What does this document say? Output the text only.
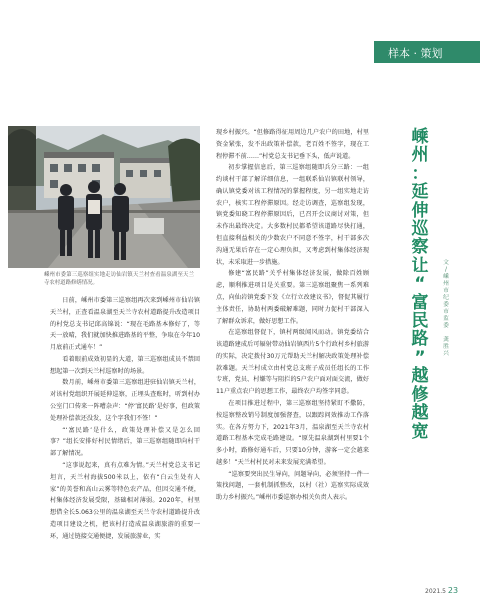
样本 · 策划
嵊州市委第三巡察组实地走访仙岩镇天兰村查看温泉湖至天兰寺农村道路修缮情况。

日前，嵊州市委第三巡察组再次来到嵊州市仙岩镇天兰村，正查看温泉湖至天兰寺农村道路提升改造项目的村党总支书记邱高锦说：“现在毛路基本修好了，等天一放晴，我们就加快推进路基的平整，争取在今年10月底前正式通车！”

看着眼前成效初显的大道，第三巡察组成员不禁回想起第一次到天兰村巡察时的场景。

数月前，嵊州市委第三巡察组进驻仙岩镇天兰村，对该村党组织开展延伸巡察，正埋头查账时，听到村办公室门口传来一阵嘈杂声：“停‘富民路’是好事，但政策处理补偿款还没发，这个字我们不签！”

“‘富民路’是什么，政策处理补偿又是怎么回事？”组长安排好村民情绪后，第三巡察组随即向村干部了解情况。

“这事说起来，真有点难为情。”天兰村党总支书记坦言，天兰村海拔500米以上，依有“白云生处有人家”的美誉和高山云雾等特色农产品，但因交通不便，村集体经济发展受限，基础相对薄弱。2020年，村里想借全长5.063公里的温泉湖至天兰寺农村道路提升改造项目建设之机，把该村打造成温泉湖旅游的重要一环，通过链接交通便捷，发展旅游业，实

现乡村振兴。“但修路得征用周边几户农户的田地，村里资金紧张，发不出政策补偿款，老百姓不签字，现在工程停滞不前……”村党总支书记垂下头，低声说道。

初步掌握信息后，第三巡察组随即兵分三路：一组约谈村干部了解详细信息，一组联系仙岩镇联村领导，确认镇党委对该工程情况的掌握程度，另一组实地走访农户，核实工程停滞原因。经走访调查，巡察组发现，镇党委知晓工程停滞原因后，已召开会议商讨对策，但未作出最终决定。大多数村民都希望该道路尽快打通，但直接利益相关的少数农户不同意不签字，村干部多次沟通无果后存在一定心理负担，又考虑到村集体经济现状，未采取进一步措施。

修建“富民路”关乎村集体经济发展，做除百姓顾虑，顺利推进项目是关重要。第三巡察组聚焦一系列难点，向仙岩镇党委下发《立行立改建议书》，督促其履行主体责任，协助村两委破解难题，同时力促村干部深入了解群众诉求，做好思想工作。

在巡察组督促下，镇村两级闻风而动。镇党委结合该道路建成后可辐射带动仙岩镇西片5个行政村乡村旅游的实际，决定拨付30万元帮助天兰村解决政策处理补偿款难题。天兰村成立由村党总支班子成员任组长的工作专班，党员、村嫌等与阻拦的5户农户面对面交流，做好11户重点农户的思想工作，最终农户均签字同意。

在项目推进过程中，第三巡察组坚持紧盯不撒防，按巡察整改销号制度加强督查，以跟踪问效推动工作落实。在各方努力下，2021年3月，温泉湖至天兰寺农村道路工程基本完成毛路建设。“原先温泉湖到村里要1个多小时，路修好通车后，只要10分钟，游客一定会越来越多！”天兰村村民对未来发展充满希望。

“巡察要突出民生导向，问题导向，必须坚持一件一策找问题，一套机制抓整改，以村（社）巡察实际成效助力乡村振兴。”嵊州市委巡察办相关负责人表示。

嵊
州
：
延
伸
巡
察
让
“
富
民
路
”
越
修
越
宽
文
/
嵊
州
市
纪
委
市
监
委

龚
胜
兴
2021.5 23
